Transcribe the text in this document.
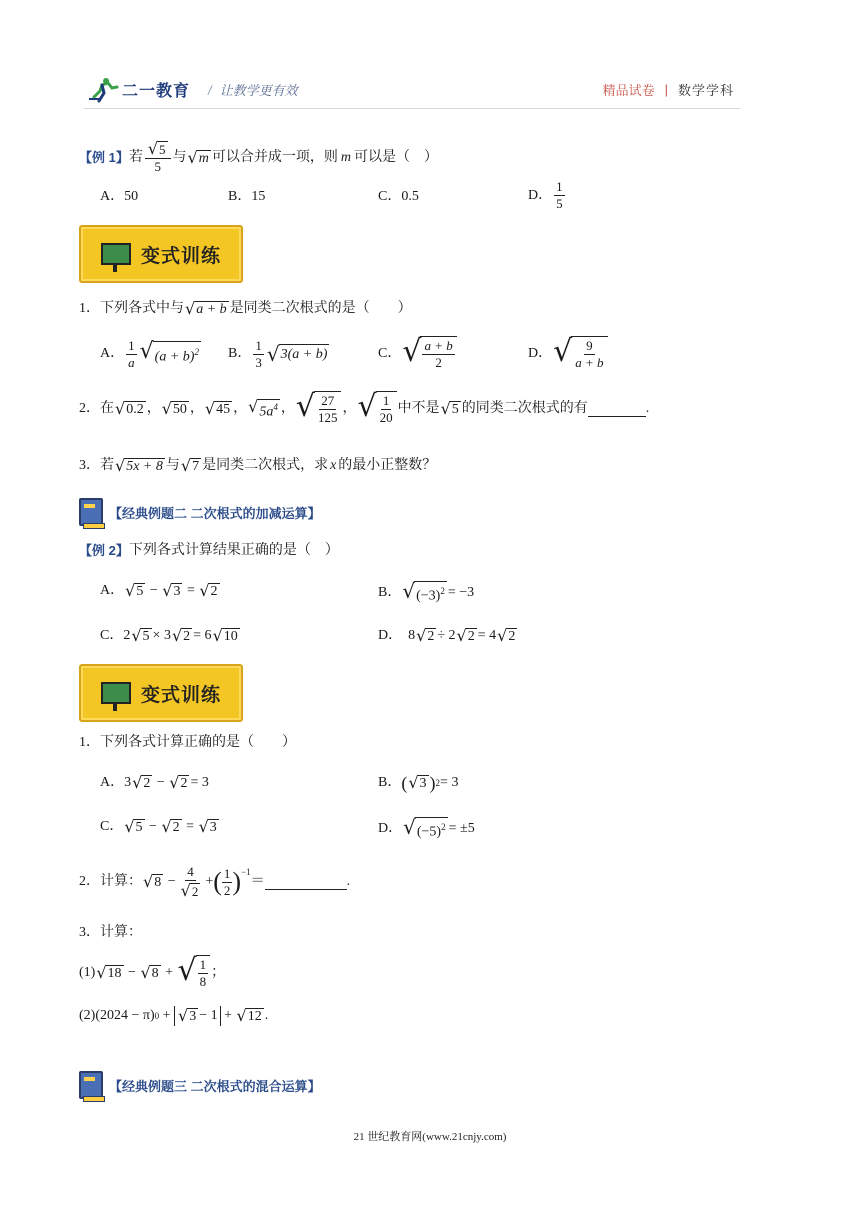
二一教育 / 让教学更有效	精品试卷 | 数学学科
【例 1】 若 $\frac{√ 5}{5}$ 与 √ m 可以合并成一项，则 m 可以是（　）
A． 50	B． 15	C． 0.5	D． $\frac{1}{5}$
变式训练
1．下列各式中与 √ a + b 是同类二次根式的是（　　）
A． $\frac{1}{a}$ √ $(a + b)^2$ B． $\frac{1}{3}$ √ 3(a + b)	C． √ $\frac{a + b}{2}$	D． √ $\frac{9}{a + b}$
2．在 √ 0.2 ， √ 50 ， √ 45 ， √ $5a^4$ ， √ $\frac{27}{125}$ ， √ $\frac{1}{20}$ 中不是 √ 5 的同类二次根式的有	.
3．若 √ 5x + 8 与 √ 7 是同类二次根式，求 x 的最小正整数？
【经典例题二 二次根式的加减运算】
【例 2】 下列各式计算结果正确的是（　）
A． √ 5 − √ 3 = √ 2	B． √ $(-3)^2 = -3$
C． 2 √ 5 × 3 √ 2 = 6 √ 10	D． 8 √ 2 ÷ 2 √ 2 = 4 √ 2
变式训练
1．下列各式计算正确的是（　　）
A． 3 √ 2 − √ 2 = 3	B． ( √ 3 ) 2 = 3
C． √ 5 − √ 2 = √ 3	D． √ $(-5)^2 = \pm 5$
2．计算： √ $8 - \frac{4}{√ 2}$ + ( $\frac{1}{2} )^{-1}$
＝	.
3．计算：
(1) √ 18 − √ 8 + √ $\frac{1}{8}$ ；
(2) (2024 − π) 0 + √ 3 − 1 + √ 12 .
【经典例题三 二次根式的混合运算】
21 世纪教育网(www.21cnjy.com)
